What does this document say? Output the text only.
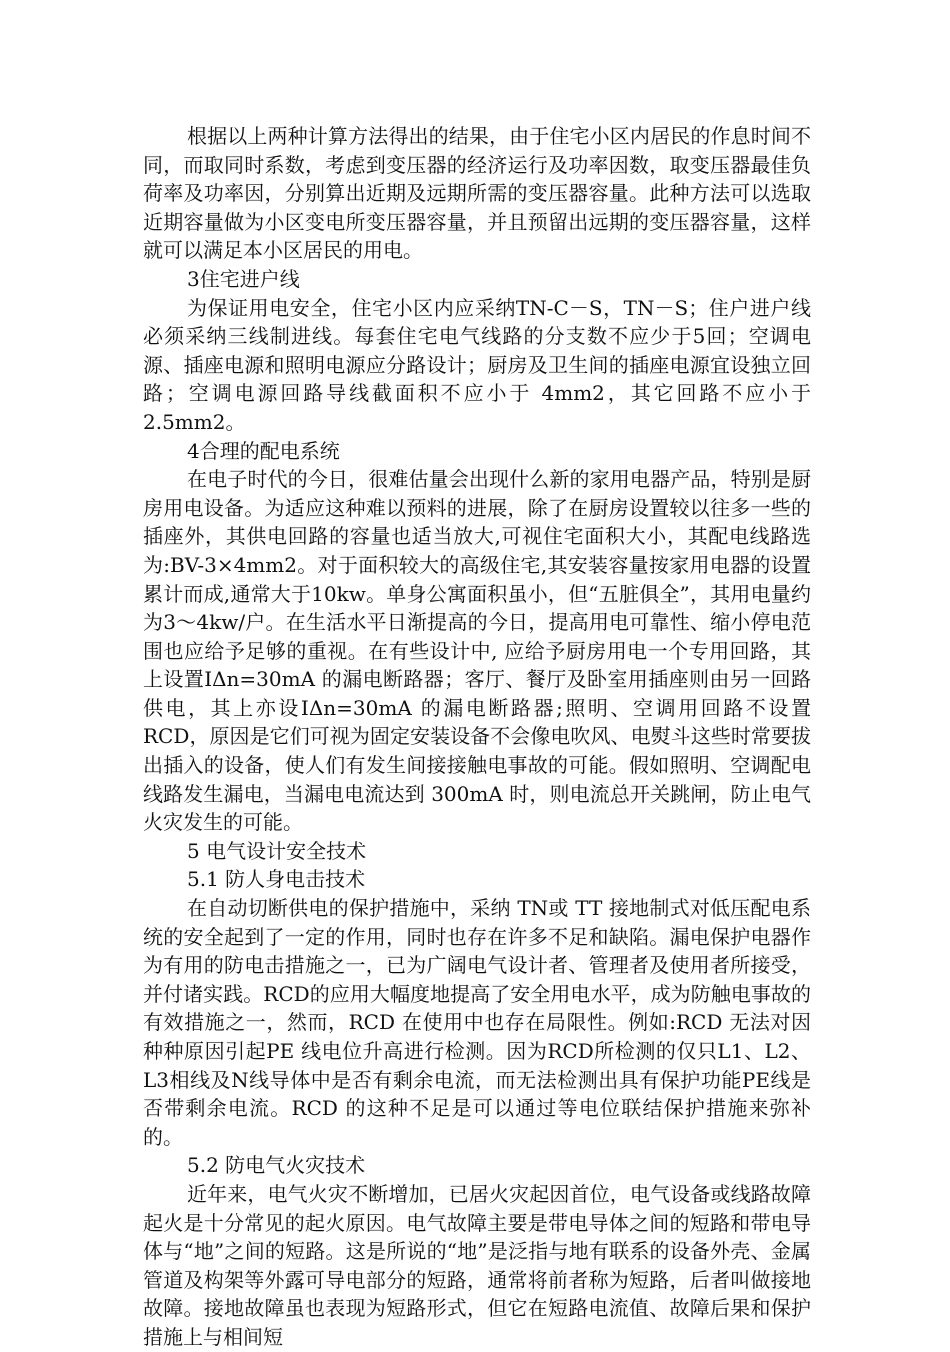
根据以上两种计算方法得出的结果，由于住宅小区内居民的作息时间不同，而取同时系数，考虑到变压器的经济运行及功率因数，取变压器最佳负荷率及功率因，分别算出近期及远期所需的变压器容量。此种方法可以选取近期容量做为小区变电所变压器容量，并且预留出远期的变压器容量，这样就可以满足本小区居民的用电。

3住宅进户线

为保证用电安全，住宅小区内应采纳TN-C－S，TN－S；住户进户线必须采纳三线制进线。每套住宅电气线路的分支数不应少于5回；空调电源、插座电源和照明电源应分路设计；厨房及卫生间的插座电源宜设独立回路；空调电源回路导线截面积不应小于 4mm2，其它回路不应小于2.5mm2。

4合理的配电系统

在电子时代的今日，很难估量会出现什么新的家用电器产品，特别是厨房用电设备。为适应这种难以预料的进展，除了在厨房设置较以往多一些的插座外，其供电回路的容量也适当放大,可视住宅面积大小，其配电线路选为:BV-3×4mm2。对于面积较大的高级住宅,其安装容量按家用电器的设置累计而成,通常大于10kw。单身公寓面积虽小，但“五脏俱全”，其用电量约为3～4kw/户。在生活水平日渐提高的今日，提高用电可靠性、缩小停电范围也应给予足够的重视。在有些设计中, 应给予厨房用电一个专用回路，其上设置IΔn=30mA 的漏电断路器；客厅、餐厅及卧室用插座则由另一回路供电，其上亦设IΔn=30mA 的漏电断路器;照明、空调用回路不设置RCD，原因是它们可视为固定安装设备不会像电吹风、电熨斗这些时常要拔出插入的设备，使人们有发生间接接触电事故的可能。假如照明、空调配电线路发生漏电，当漏电电流达到 300mA 时，则电流总开关跳闸，防止电气火灾发生的可能。

5 电气设计安全技术
5.1 防人身电击技术

在自动切断供电的保护措施中，采纳 TN或 TT 接地制式对低压配电系统的安全起到了一定的作用，同时也存在许多不足和缺陷。漏电保护电器作为有用的防电击措施之一，已为广阔电气设计者、管理者及使用者所接受，并付诸实践。RCD的应用大幅度地提高了安全用电水平，成为防触电事故的有效措施之一，然而，RCD 在使用中也存在局限性。例如:RCD 无法对因种种原因引起PE 线电位升高进行检测。因为RCD所检测的仅只L1、L2、L3相线及N线导体中是否有剩余电流，而无法检测出具有保护功能PE线是否带剩余电流。RCD 的这种不足是可以通过等电位联结保护措施来弥补的。

5.2 防电气火灾技术

近年来，电气火灾不断增加，已居火灾起因首位，电气设备或线路故障起火是十分常见的起火原因。电气故障主要是带电导体之间的短路和带电导体与“地”之间的短路。这是所说的“地”是泛指与地有联系的设备外壳、金属管道及构架等外露可导电部分的短路，通常将前者称为短路，后者叫做接地故障。接地故障虽也表现为短路形式，但它在短路电流值、故障后果和保护措施上与相间短
